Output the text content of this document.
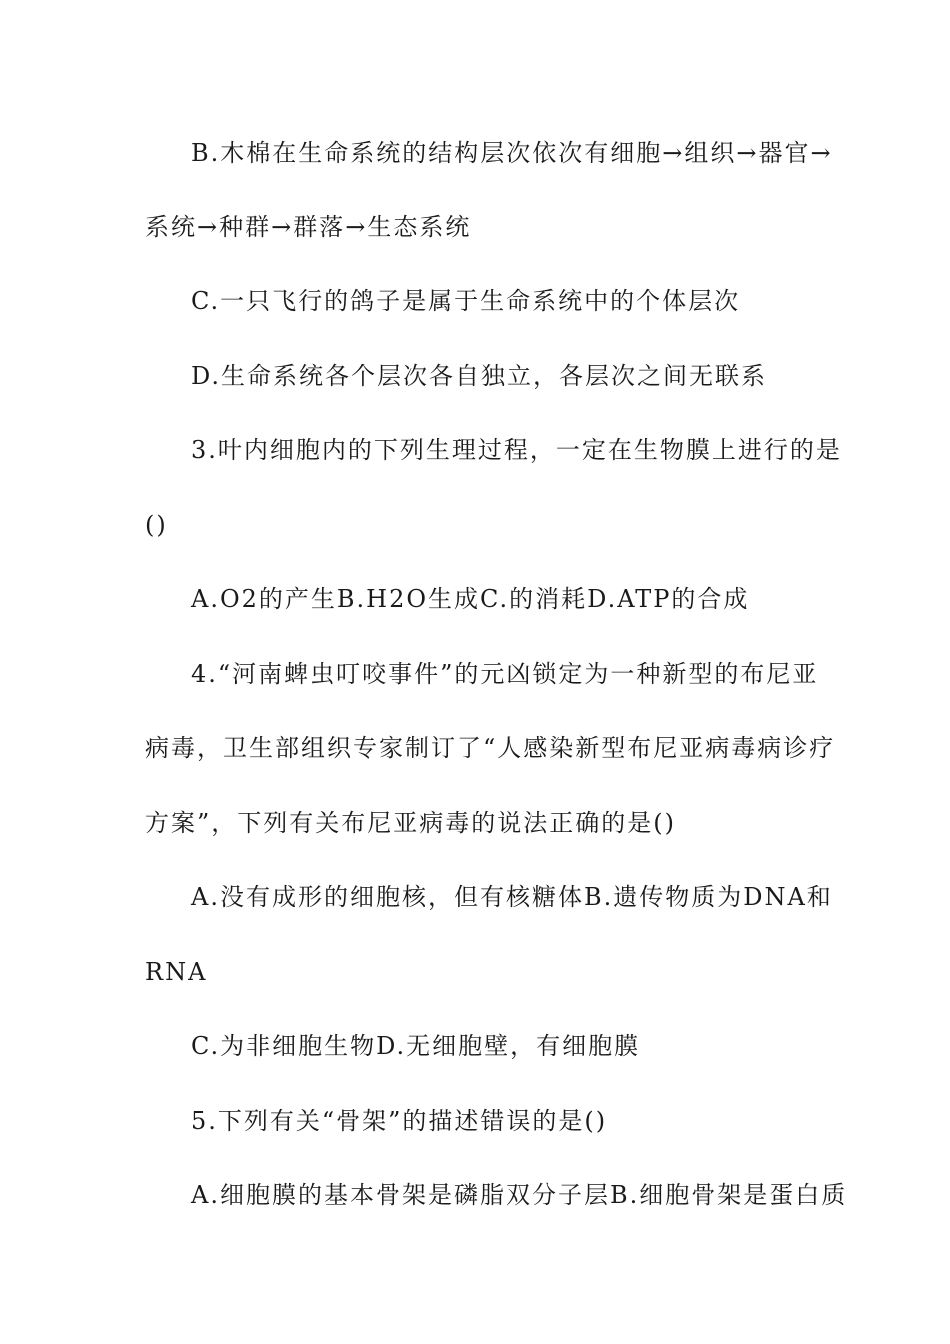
B.木棉在生命系统的结构层次依次有细胞→组织→器官→
系统→种群→群落→生态系统
C.一只飞行的鸽子是属于生命系统中的个体层次
D.生命系统各个层次各自独立，各层次之间无联系
3.叶内细胞内的下列生理过程，一定在生物膜上进行的是
()
A.O2的产生B.H2O生成C.的消耗D.ATP的合成
4.“河南蜱虫叮咬事件”的元凶锁定为一种新型的布尼亚
病毒，卫生部组织专家制订了“人感染新型布尼亚病毒病诊疗
方案”，下列有关布尼亚病毒的说法正确的是()
A.没有成形的细胞核，但有核糖体B.遗传物质为DNA和
RNA
C.为非细胞生物D.无细胞壁，有细胞膜
5.下列有关“骨架”的描述错误的是()
A.细胞膜的基本骨架是磷脂双分子层B.细胞骨架是蛋白质
